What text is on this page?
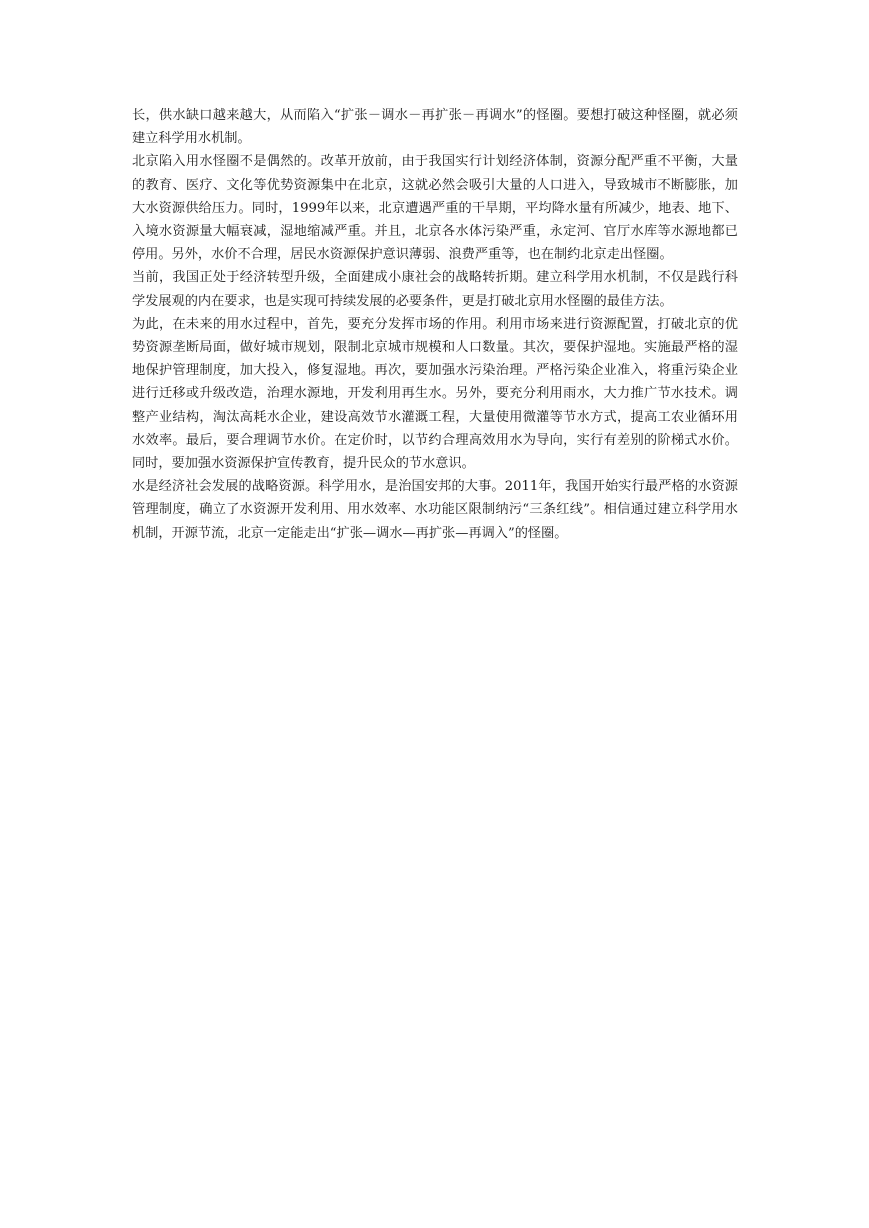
长，供水缺口越来越大，从而陷入“扩张－调水－再扩张－再调水”的怪圈。要想打破这种怪圈，就必须建立科学用水机制。

北京陷入用水怪圈不是偶然的。改革开放前，由于我国实行计划经济体制，资源分配严重不平衡，大量的教育、医疗、文化等优势资源集中在北京，这就必然会吸引大量的人口进入，导致城市不断膨胀，加大水资源供给压力。同时，1999年以来，北京遭遇严重的干旱期，平均降水量有所减少，地表、地下、入境水资源量大幅衰减，湿地缩减严重。并且，北京各水体污染严重，永定河、官厅水库等水源地都已停用。另外，水价不合理，居民水资源保护意识薄弱、浪费严重等，也在制约北京走出怪圈。

当前，我国正处于经济转型升级，全面建成小康社会的战略转折期。建立科学用水机制，不仅是践行科学发展观的内在要求，也是实现可持续发展的必要条件，更是打破北京用水怪圈的最佳方法。

为此，在未来的用水过程中，首先，要充分发挥市场的作用。利用市场来进行资源配置，打破北京的优势资源垄断局面，做好城市规划，限制北京城市规模和人口数量。其次，要保护湿地。实施最严格的湿地保护管理制度，加大投入，修复湿地。再次，要加强水污染治理。严格污染企业准入，将重污染企业进行迁移或升级改造，治理水源地，开发利用再生水。另外，要充分利用雨水，大力推广节水技术。调整产业结构，淘汰高耗水企业，建设高效节水灌溉工程，大量使用微灌等节水方式，提高工农业循环用水效率。最后，要合理调节水价。在定价时，以节约合理高效用水为导向，实行有差别的阶梯式水价。同时，要加强水资源保护宣传教育，提升民众的节水意识。

水是经济社会发展的战略资源。科学用水，是治国安邦的大事。2011年，我国开始实行最严格的水资源管理制度，确立了水资源开发利用、用水效率、水功能区限制纳污“三条红线”。相信通过建立科学用水机制，开源节流，北京一定能走出“扩张—调水—再扩张—再调入”的怪圈。
